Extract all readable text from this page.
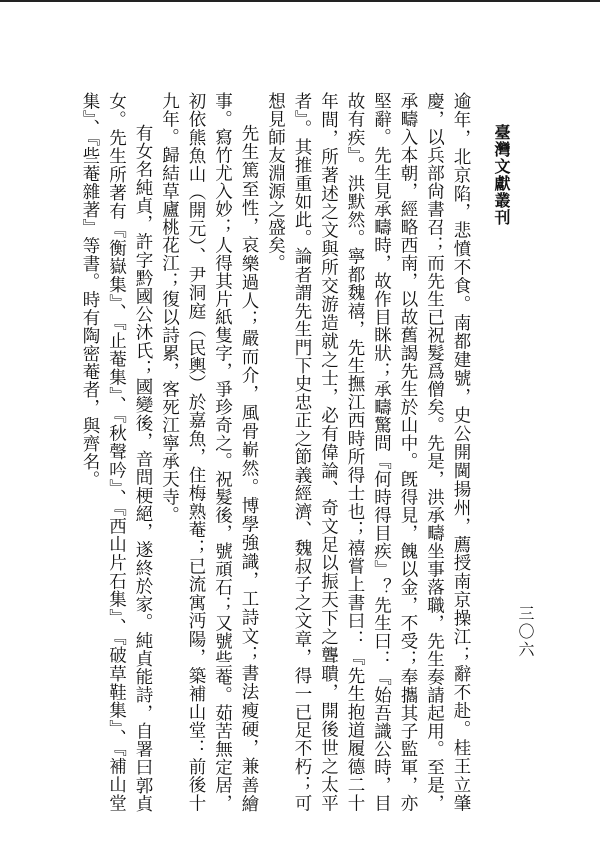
臺灣文獻叢刊
三〇六

逾年，北京陷，悲憤不食。南都建號，史公開閫揚州，薦授南京操江；辭不赴。桂王立肇慶，以兵部尙書召；而先生已祝髮爲僧矣。先是，洪承疇坐事落職，先生奏請起用。至是，承疇入本朝，經略西南，以故舊謁先生於山中。旣得見，餽以金，不受；奉攜其子監軍，亦堅辭。先生見承疇時，故作目眯狀；承疇驚問『何時得目疾』？先生曰：『始吾識公時，目故有疾』。洪默然。寧都魏禧，先生撫江西時所得士也；禧嘗上書曰：『先生抱道履德二十年間，所著述之文與所交游造就之士，必有偉論、奇文足以振天下之聾聵，開後世之太平者』。其推重如此。論者謂先生門下史忠正之節義經濟、魏叔子之文章，得一已足不朽；可想見師友淵源之盛矣。

先生篤至性，哀樂過人；嚴而介，風骨嶄然。博學強識，工詩文；書法瘦硬，兼善繪事。寫竹尤入妙；人得其片紙隻字，爭珍奇之。祝髮後，號頑石；又號些菴。茹苦無定居，初依熊魚山（開元）、尹洞庭（民輿）於嘉魚，住梅熟菴；已流寓沔陽，築補山堂：前後十九年。歸結草廬桃花江；復以詩累，客死江寧承天寺。

有女名純貞，許字黔國公沐氏；國變後，音問梗絕，遂終於家。純貞能詩，自署曰郭貞女。先生所著有『衡嶽集』、『止菴集』、『秋聲吟』、『西山片石集』、『破草鞋集』、『補山堂集』、『些菴雜著』等書。時有陶密菴者，與齊名。
